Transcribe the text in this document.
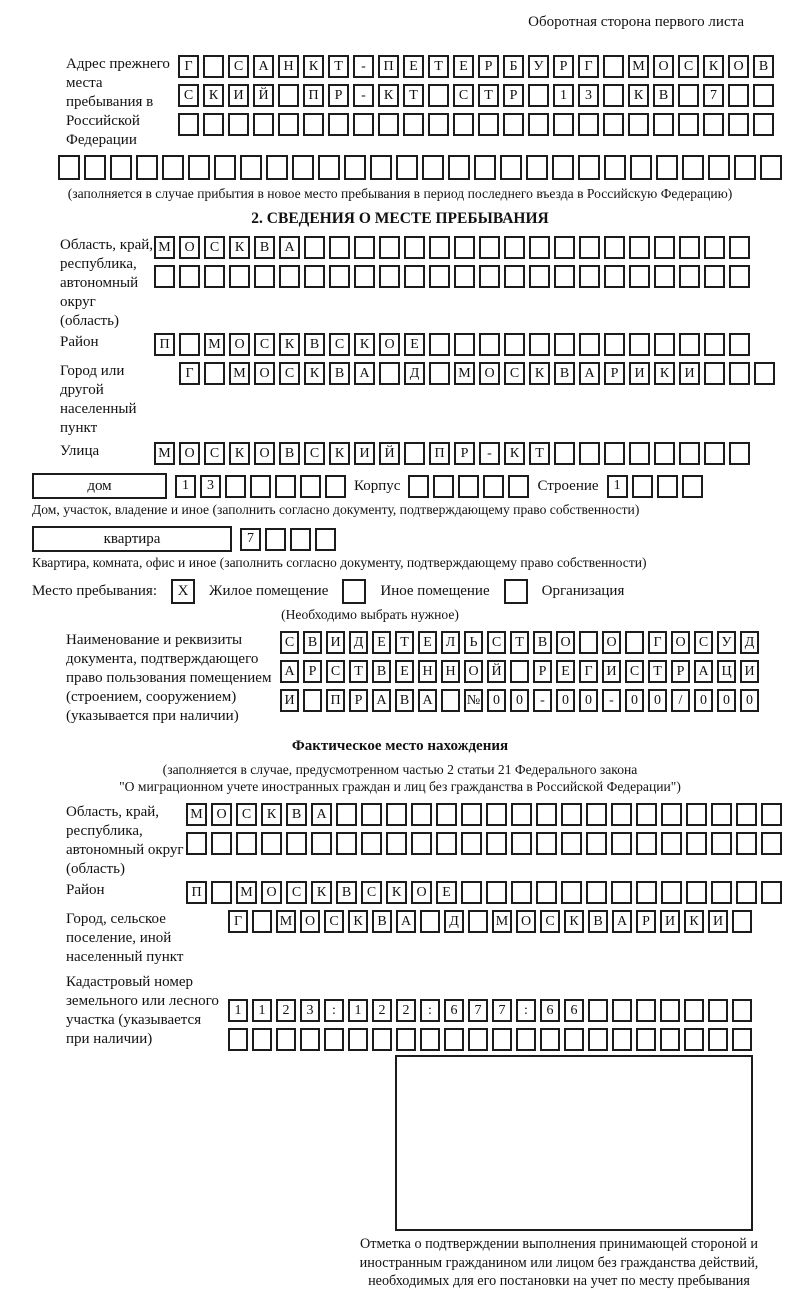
Оборотная сторона первого листа
Адрес прежнего места пребывания в Российской Федерации
Г	С	А	Н	К	Т	-	П	Е	Т	Е	Р	Б	У	Р	Г	М О	С	К	О	В
С	К	И	Й	П	Р	-	К	Т	С	Т	Р	1	3	К	В	7
(заполняется в случае прибытия в новое место пребывания в период последнего въезда в Российскую Федерацию)
2. СВЕДЕНИЯ О МЕСТЕ ПРЕБЫВАНИЯ
Область, край, республика, автономный округ (область)
М О	С	К	В	А
Район	П	М О	С	К	В	С	К	О	Е
Город или другой населенный пункт
Г	М О	С	К	В	А	Д	М О	С	К	В	А	Р	И	К	И
Улица	М О	С	К	О	В	С	К	И	Й	П	Р	-	К	Т
дом	1	3	Корпус	Строение	1
Дом, участок, владение и иное (заполнить согласно документу, подтверждающему право собственности)
квартира	7
Квартира, комната, офис и иное (заполнить согласно документу, подтверждающему право собственности)
Место пребывания:	X	Жилое помещение	Иное помещение	Организация
(Необходимо выбрать нужное)
Наименование и реквизиты документа, подтверждающего право пользования помещением (строением, сооружением) (указывается при наличии)
С В И Д Е	Т	Е Л	Ь	С	Т	В О	О	Г О С У Д
А	Р	С	Т	В	Е Н Н О Й	Р	Е	Г И С	Т	Р	А Ц И
И	П	Р	А В А	№ 0	0	-	0	0	-	0	0	/	0	0	0
Фактическое место нахождения
(заполняется в случае, предусмотренном частью 2 статьи 21 Федерального закона
"О миграционном учете иностранных граждан и лиц без гражданства в Российской Федерации")
Область, край, республика, автономный округ (область)
М О	С	К	В	А
Район	П	М О	С	К	В	С	К	О	Е
Город, сельское поселение, иной населенный пункт
Г	М О	С	К	В	А	Д	М О	С	К	В	А	Р	И	К	И
Кадастровый номер земельного или лесного участка (указывается при наличии)
1	1	2	3	:	1	2	2	:	6	7	7	:	6	6
Отметка о подтверждении выполнения принимающей стороной и иностранным гражданином или лицом без гражданства действий, необходимых для его постановки на учет по месту пребывания
